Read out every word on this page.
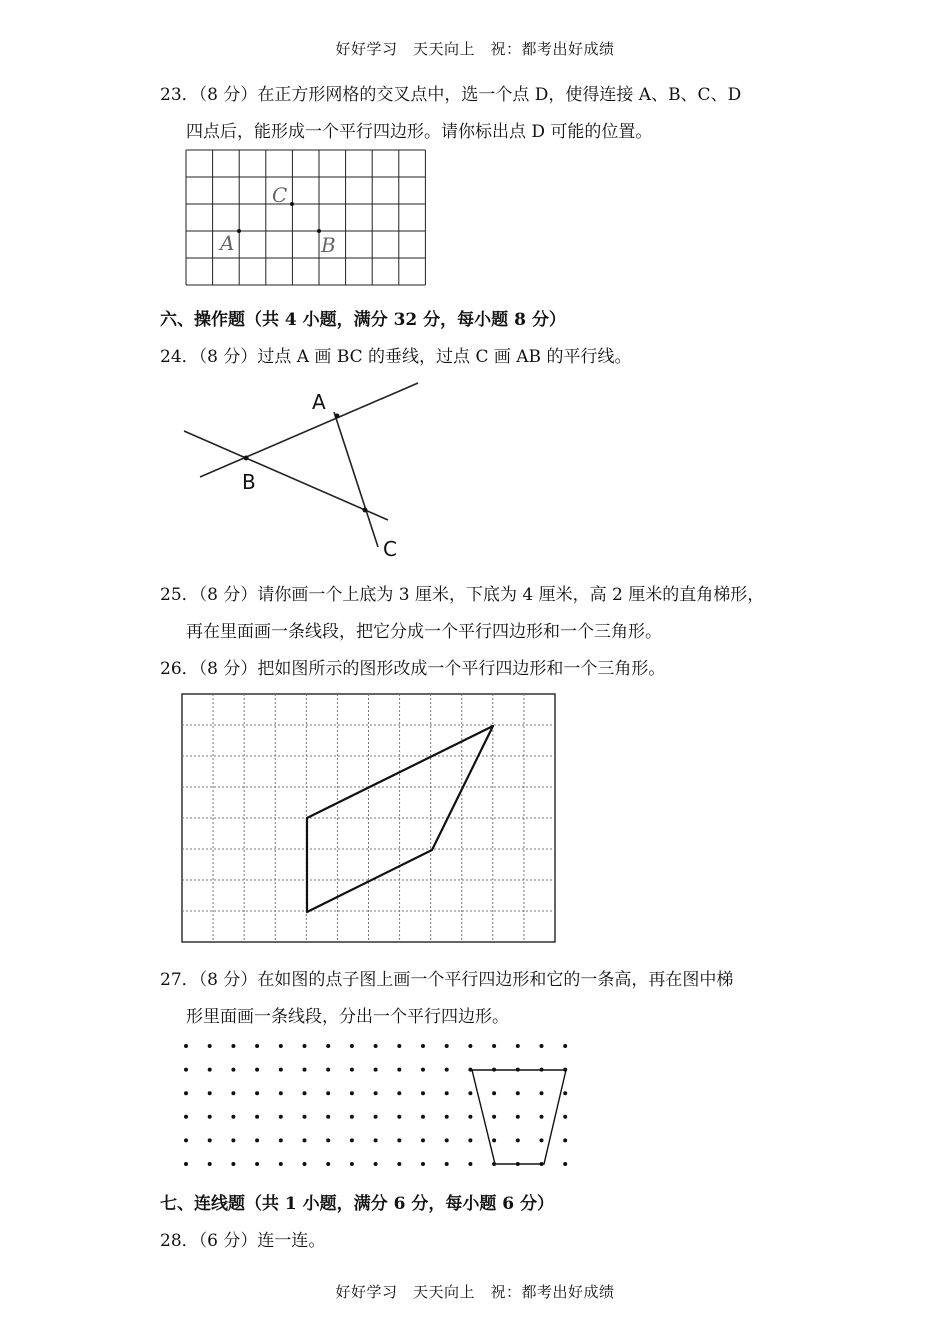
好好学习　天天向上　祝：都考出好成绩
23．（8 分）在正方形网格的交叉点中，选一个点 D，使得连接 A、B、C、D
四点后，能形成一个平行四边形。请你标出点 D 可能的位置。
C
A	B
六、操作题（共 4 小题，满分 32 分，每小题 8 分）
24．（8 分）过点 A 画 BC 的垂线，过点 C 画 AB 的平行线。
A
B
C
25．（8 分）请你画一个上底为 3 厘米，下底为 4 厘米，高 2 厘米的直角梯形，
再在里面画一条线段，把它分成一个平行四边形和一个三角形。
26．（8 分）把如图所示的图形改成一个平行四边形和一个三角形。
27．（8 分）在如图的点子图上画一个平行四边形和它的一条高，再在图中梯
形里面画一条线段，分出一个平行四边形。
七、连线题（共 1 小题，满分 6 分，每小题 6 分）
28．（6 分）连一连。
好好学习　天天向上　祝：都考出好成绩
